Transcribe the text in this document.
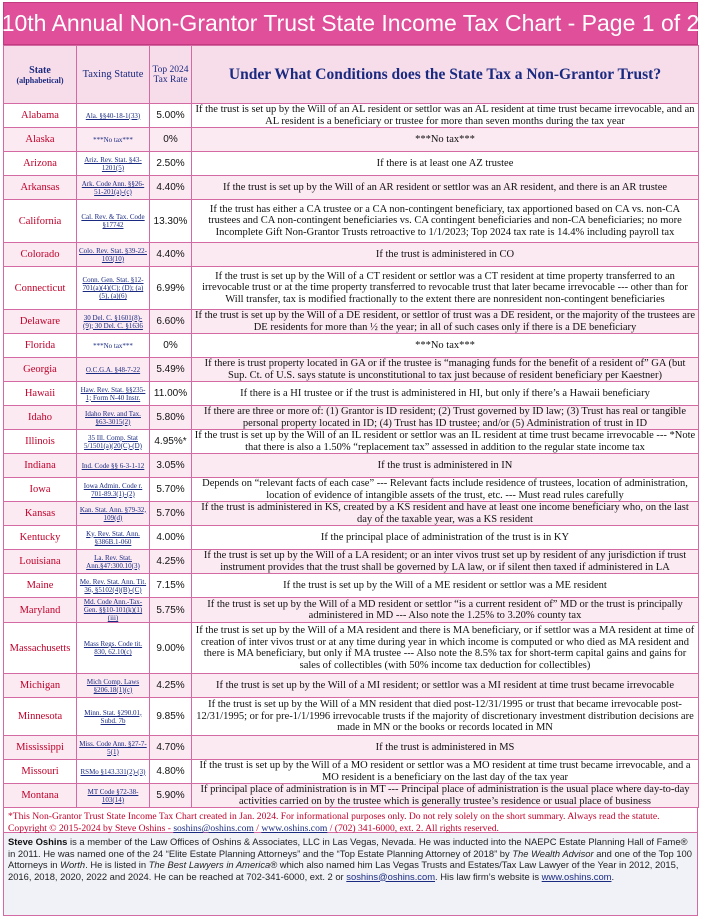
10th Annual Non-Grantor Trust State Income Tax Chart - Page 1 of 2
State
(alphabetical)	Taxing Statute	Top 2024 Tax Rate	Under What Conditions does the State Tax a Non-Grantor Trust?
Alabama	Ala. §§40-18-1(33)	5.00%	If the trust is set up by the Will of an AL resident or settlor was an AL resident at time trust became irrevocable, and an AL resident is a beneficiary or trustee for more than seven months during the tax year
Alaska	***No tax***	0%	***No tax***
Arizona	Ariz. Rev. Stat. §43-1201(5)	2.50%	If there is at least one AZ trustee
Arkansas	Ark. Code Ann. §§26-51-201(a)-(c)	4.40%	If the trust is set up by the Will of an AR resident or settlor was an AR resident, and there is an AR trustee
California	Cal. Rev. & Tax. Code §17742	13.30%	If the trust has either a CA trustee or a CA non-contingent beneficiary, tax apportioned based on CA vs. non-CA trustees and CA non-contingent beneficiaries vs. CA contingent beneficiaries and non-CA beneficiaries; no more Incomplete Gift Non-Grantor Trusts retroactive to 1/1/2023; Top 2024 tax rate is 14.4% including payroll tax
Colorado	Colo. Rev. Stat. §39-22-103(10)	4.40%	If the trust is administered in CO
Connecticut	Conn. Gen. Stat. §12-701(a)(4)(C); (D); (a)(5), (a)(6)	6.99%	If the trust is set up by the Will of a CT resident or settlor was a CT resident at time property transferred to an irrevocable trust or at the time property transferred to revocable trust that later became irrevocable --- other than for Will transfer, tax is modified fractionally to the extent there are nonresident non-contingent beneficiaries
Delaware	30 Del. C. §1601(8)-(9); 30 Del. C. §1636	6.60%	If the trust is set up by the Will of a DE resident, or settlor of trust was a DE resident, or the majority of the trustees are DE residents for more than ½ the year; in all of such cases only if there is a DE beneficiary
Florida	***No tax***	0%	***No tax***
Georgia	O.C.G.A. §48-7-22	5.49%	If there is trust property located in GA or if the trustee is “managing funds for the benefit of a resident of” GA (but Sup. Ct. of U.S. says statute is unconstitutional to tax just because of resident beneficiary per Kaestner)
Hawaii	Haw. Rev. Stat. §§235-1; Form N-40 Instr.	11.00%	If there is a HI trustee or if the trust is administered in HI, but only if there’s a Hawaii beneficiary
Idaho	Idaho Rev. and Tax. §63-3015(2)	5.80%	If there are three or more of: (1) Grantor is ID resident; (2) Trust governed by ID law; (3) Trust has real or tangible personal property located in ID; (4) Trust has ID trustee; and/or (5) Administration of trust in ID
Illinois	35 Ill. Comp. Stat 5/1501(a)(20(C)-(D)	4.95%*	If the trust is set up by the Will of an IL resident or settlor was an IL resident at time trust became irrevocable --- *Note that there is also a 1.50% “replacement tax” assessed in addition to the regular state income tax
Indiana	Ind. Code §§ 6-3-1-12	3.05%	If the trust is administered in IN
Iowa	Iowa Admin. Code r. 701-89.3(1)-(2)	5.70%	Depends on “relevant facts of each case” --- Relevant facts include residence of trustees, location of administration, location of evidence of intangible assets of the trust, etc. --- Must read rules carefully
Kansas	Kan. Stat. Ann. §79-32, 109(d)	5.70%	If the trust is administered in KS, created by a KS resident and have at least one income beneficiary who, on the last day of the taxable year, was a KS resident
Kentucky	Ky. Rev. Stat. Ann. §386B.1-060	4.00%	If the principal place of administration of the trust is in KY
Louisiana	La. Rev. Stat. Ann.§47:300.10(3)	4.25%	If the trust is set up by the Will of a LA resident; or an inter vivos trust set up by resident of any jurisdiction if trust instrument provides that the trust shall be governed by LA law, or if silent then taxed if administered in LA
Maine	Me. Rev. Stat. Ann. Tit. 36, §5102(4)(B)-(C)	7.15%	If the trust is set up by the Will of a ME resident or settlor was a ME resident
Maryland	Md. Code Ann.-Tax-Gen. §§10-101(k)(1)(iii)	5.75%	If the trust is set up by the Will of a MD resident or settlor “is a current resident of” MD or the trust is principally administered in MD --- Also note the 1.25% to 3.20% county tax
Massachusetts	Mass Regs. Code tit. 830, 62.10(c)	9.00%	If the trust is set up by the Will of a MA resident and there is MA beneficiary, or if settlor was a MA resident at time of creation of inter vivos trust or at any time during year in which income is computed or who died as MA resident and there is MA beneficiary, but only if MA trustee --- Also note the 8.5% tax for short-term capital gains and gains for sales of collectibles (with 50% income tax deduction for collectibles)
Michigan	Mich Comp. Laws §206.18(1)(c)	4.25%	If the trust is set up by the Will of a MI resident; or settlor was a MI resident at time trust became irrevocable
Minnesota	Minn. Stat. §290.01, Subd. 7b	9.85%	If the trust is set up by the Will of a MN resident that died post-12/31/1995 or trust that became irrevocable post-12/31/1995; or for pre-1/1/1996 irrevocable trusts if the majority of discretionary investment distribution decisions are made in MN or the books or records located in MN
Mississippi	Miss. Code Ann. §27-7-5(1)	4.70%	If the trust is administered in MS
Missouri	RSMo §143.331(2)-(3)	4.80%	If the trust is set up by the Will of a MO resident or settlor was a MO resident at time trust became irrevocable, and a MO resident is a beneficiary on the last day of the tax year
Montana	MT Code §72-38-103(14)	5.90%	If principal place of administration is in MT --- Principal place of administration is the usual place where day-to-day activities carried on by the trustee which is generally trustee’s residence or usual place of business
*This Non-Grantor Trust State Income Tax Chart created in Jan. 2024. For informational purposes only. Do not rely solely on the short summary. Always read the statute.
Copyright © 2015-2024 by Steve Oshins - soshins@oshins.com / www.oshins.com / (702) 341-6000, ext. 2. All rights reserved.
Steve Oshins is a member of the Law Offices of Oshins & Associates, LLC in Las Vegas, Nevada. He was inducted into the NAEPC Estate Planning Hall of Fame® in 2011. He was named one of the 24 “Elite Estate Planning Attorneys” and the “Top Estate Planning Attorney of 2018” by The Wealth Advisor and one of the Top 100 Attorneys in Worth. He is listed in The Best Lawyers in America® which also named him Las Vegas Trusts and Estates/Tax Law Lawyer of the Year in 2012, 2015, 2016, 2018, 2020, 2022 and 2024. He can be reached at 702-341-6000, ext. 2 or soshins@oshins.com. His law firm’s website is www.oshins.com.
